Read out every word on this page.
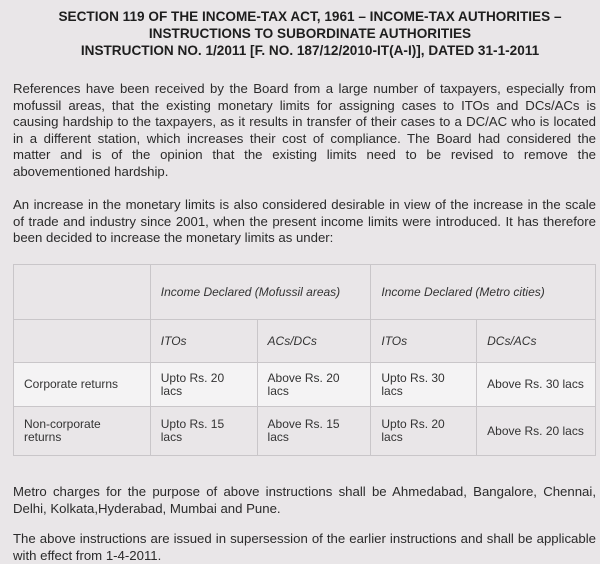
SECTION 119 OF THE INCOME-TAX ACT, 1961 – INCOME-TAX AUTHORITIES –
INSTRUCTIONS TO SUBORDINATE AUTHORITIES
INSTRUCTION NO. 1/2011 [F. NO. 187/12/2010-IT(A-I)], DATED 31-1-2011

References have been received by the Board from a large number of taxpayers, especially from mofussil areas, that the existing monetary limits for assigning cases to ITOs and DCs/ACs is causing hardship to the taxpayers, as it results in transfer of their cases to a DC/AC who is located in a different station, which increases their cost of compliance. The Board had considered the matter and is of the opinion that the existing limits need to be revised to remove the abovementioned hardship.

An increase in the monetary limits is also considered desirable in view of the increase in the scale of trade and industry since 2001, when the present income limits were introduced. It has therefore been decided to increase the monetary limits as under:

	Income Declared (Mofussil areas)		Income Declared (Metro cities)	
	ITOs	ACs/DCs	ITOs	DCs/ACs
Corporate returns	Upto Rs. 20 lacs	Above Rs. 20 lacs	Upto Rs. 30 lacs	Above Rs. 30 lacs
Non-corporate returns	Upto Rs. 15 lacs	Above Rs. 15 lacs	Upto Rs. 20 lacs	Above Rs. 20 lacs

Metro charges for the purpose of above instructions shall be Ahmedabad, Bangalore, Chennai, Delhi, Kolkata,Hyderabad, Mumbai and Pune.

The above instructions are issued in supersession of the earlier instructions and shall be applicable with effect from 1-4-2011.
